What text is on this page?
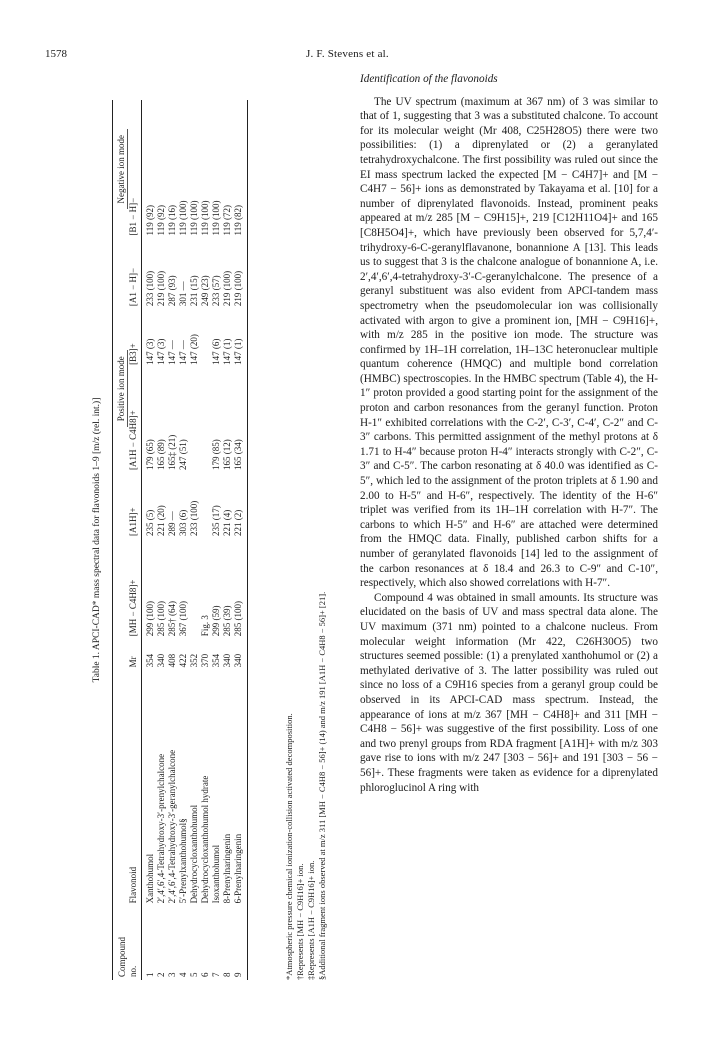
1578	J. F. Stevens et al.
Table 1. APCI-CAD* mass spectral data for flavonoids 1–9 [m/z (rel. int.)]
Compound				Positive ion mode				Negative ion mode
no.	Flavonoid	Mr	[MH − C4H8]+	[A1H]+	[A1H − C4H8]+	[B3]+	[A1 − H]−	[B1 − H]−
1	Xanthohumol	354	299 (100)	235 (5)	179 (65)	147 (3)	233 (100)	119 (92)
2	2′,4′,6′,4-Tetrahydroxy-3′-prenylchalcone	340	285 (100)	221 (20)	165 (89)	147 (3)	219 (100)	119 (92)
3	2′,4′,6′,4-Tetrahydroxy-3′-geranylchalcone	408	285† (64)	289 —	165‡ (21)	147 —	287 (93)	119 (16)
4	5′-Prenylxanthohumol§	422	367 (100)	303 (6)	247 (51)	147 —	301 —	119 (100)
5	Dehydrocycloxanthohumol	352		233 (100)		147 (20)	231 (15)	119 (100)
6	Dehydrocycloxanthohumol hydrate	370	Fig. 3				249 (23)	119 (100)
7	Isoxanthohumol	354	299 (59)	235 (17)	179 (85)	147 (6)	233 (57)	119 (100)
8	8-Prenylnaringenin	340	285 (39)	221 (4)	165 (12)	147 (1)	219 (100)	119 (72)
9	6-Prenylnaringenin	340	285 (100)	221 (2)	165 (34)	147 (1)	219 (100)	119 (82)
*Atmospheric pressure chemical ionization-collision activated decomposition. †Represents [MH − C9H16]+ ion. ‡Represents [A1H − C9H16]+ ion. §Additional fragment ions observed at m/z 311 [MH − C4H8 − 56]+ (14) and m/z 191 [A1H − C4H8 − 56]+ [21].
Identification of the flavonoids

The UV spectrum (maximum at 367 nm) of 3 was similar to that of 1, suggesting that 3 was a substituted chalcone. To account for its molecular weight (Mr 408, C25H28O5) there were two possibilities: (1) a diprenylated or (2) a geranylated tetrahydroxychalcone. The first possibility was ruled out since the EI mass spectrum lacked the expected [M − C4H7]+ and [M − C4H7 − 56]+ ions as demonstrated by Takayama et al. [10] for a number of diprenylated flavonoids. Instead, prominent peaks appeared at m/z 285 [M − C9H15]+, 219 [C12H11O4]+ and 165 [C8H5O4]+, which have previously been observed for 5,7,4′-trihydroxy-6-C-geranylflavanone, bonannione A [13]. This leads us to suggest that 3 is the chalcone analogue of bonannione A, i.e. 2′,4′,6′,4-tetrahydroxy-3′-C-geranylchalcone. The presence of a geranyl substituent was also evident from APCI-tandem mass spectrometry when the pseudomolecular ion was collisionally activated with argon to give a prominent ion, [MH − C9H16]+, with m/z 285 in the positive ion mode. The structure was confirmed by 1H–1H correlation, 1H–13C heteronuclear multiple quantum coherence (HMQC) and multiple bond correlation (HMBC) spectroscopies. In the HMBC spectrum (Table 4), the H-1″ proton provided a good starting point for the assignment of the proton and carbon resonances from the geranyl function. Proton H-1″ exhibited correlations with the C-2′, C-3′, C-4′, C-2″ and C-3″ carbons. This permitted assignment of the methyl protons at δ 1.71 to H-4″ because proton H-4″ interacts strongly with C-2″, C-3″ and C-5″. The carbon resonating at δ 40.0 was identified as C-5″, which led to the assignment of the proton triplets at δ 1.90 and 2.00 to H-5″ and H-6″, respectively. The identity of the H-6″ triplet was verified from its 1H–1H correlation with H-7″. The carbons to which H-5″ and H-6″ are attached were determined from the HMQC data. Finally, published carbon shifts for a number of geranylated flavonoids [14] led to the assignment of the carbon resonances at δ 18.4 and 26.3 to C-9″ and C-10″, respectively, which also showed correlations with H-7″.

Compound 4 was obtained in small amounts. Its structure was elucidated on the basis of UV and mass spectral data alone. The UV maximum (371 nm) pointed to a chalcone nucleus. From molecular weight information (Mr 422, C26H30O5) two structures seemed possible: (1) a prenylated xanthohumol or (2) a methylated derivative of 3. The latter possibility was ruled out since no loss of a C9H16 species from a geranyl group could be observed in its APCI-CAD mass spectrum. Instead, the appearance of ions at m/z 367 [MH − C4H8]+ and 311 [MH − C4H8 − 56]+ was suggestive of the first possibility. Loss of one and two prenyl groups from RDA fragment [A1H]+ with m/z 303 gave rise to ions with m/z 247 [303 − 56]+ and 191 [303 − 56 − 56]+. These fragments were taken as evidence for a diprenylated phloroglucinol A ring with
